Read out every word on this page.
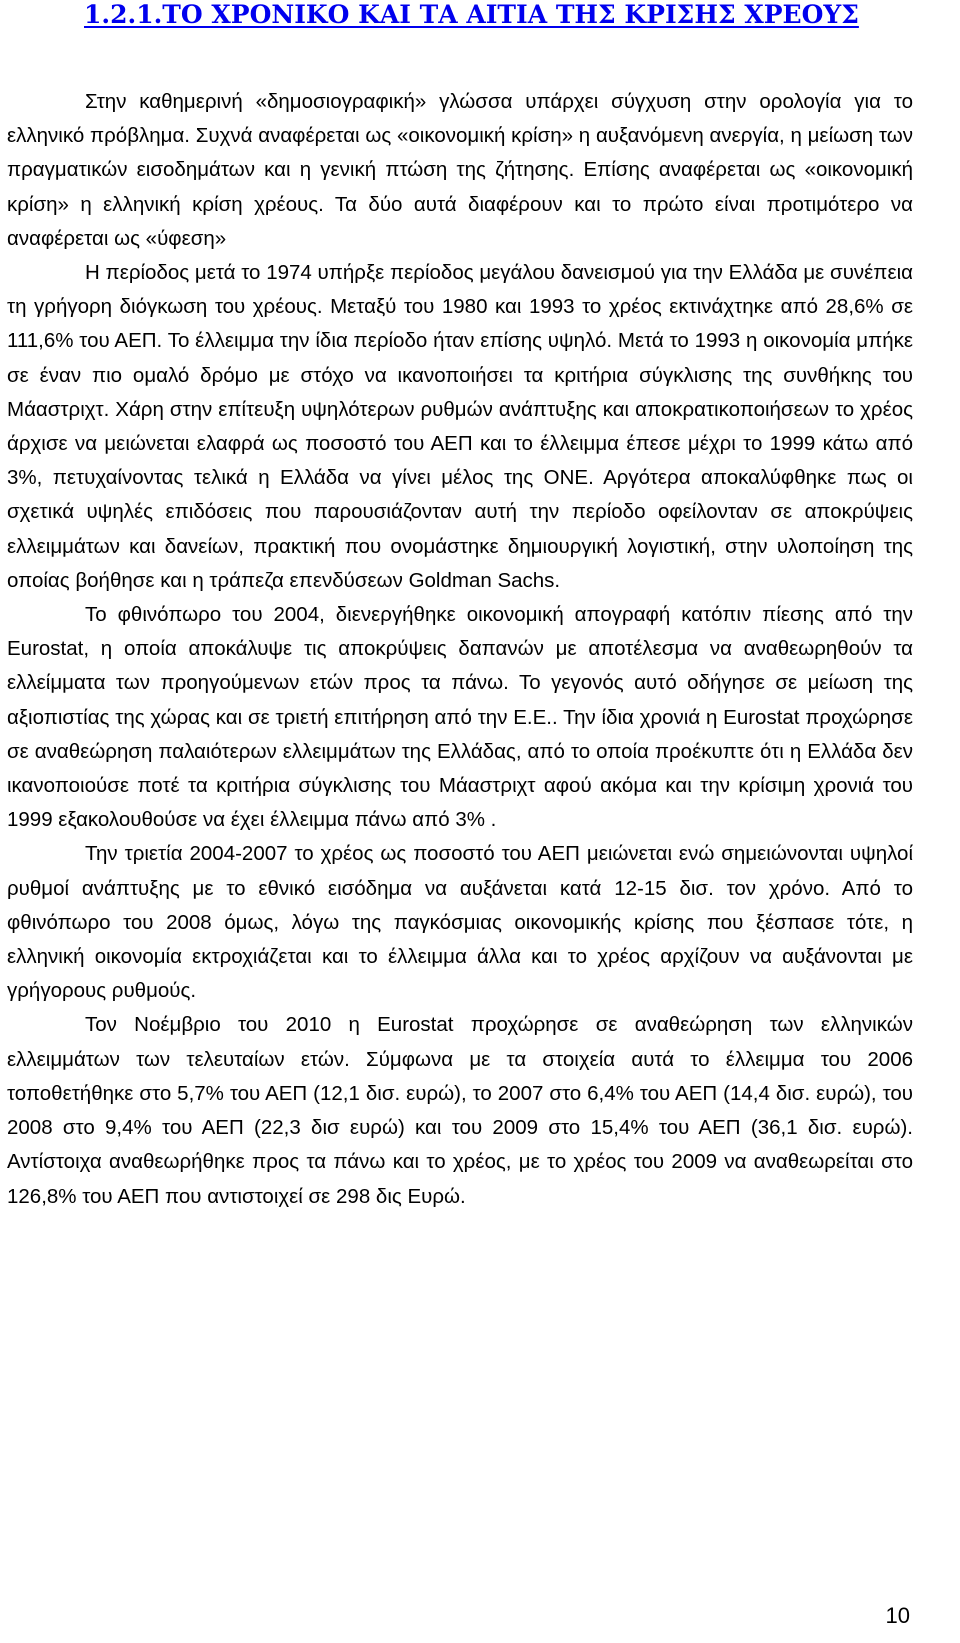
1.2.1.ΤΟ ΧΡΟΝΙΚΟ ΚΑΙ ΤΑ ΑΙΤΙΑ ΤΗΣ ΚΡΙΣΗΣ ΧΡΕΟΥΣ

Στην καθημερινή «δημοσιογραφική» γλώσσα υπάρχει σύγχυση στην ορολογία για το ελληνικό πρόβλημα. Συχνά αναφέρεται ως «οικονομική κρίση» η αυξανόμενη ανεργία, η μείωση των πραγματικών εισοδημάτων και η γενική πτώση της ζήτησης. Επίσης αναφέρεται ως «οικονομική κρίση» η ελληνική κρίση χρέους. Τα δύο αυτά διαφέρουν και το πρώτο είναι προτιμότερο να αναφέρεται ως «ύφεση»

Η περίοδος μετά το 1974 υπήρξε περίοδος μεγάλου δανεισμού για την Ελλάδα με συνέπεια τη γρήγορη διόγκωση του χρέους. Μεταξύ του 1980 και 1993 το χρέος εκτινάχτηκε από 28,6% σε 111,6% του ΑΕΠ. Το έλλειμμα την ίδια περίοδο ήταν επίσης υψηλό. Μετά το 1993 η οικονομία μπήκε σε έναν πιο ομαλό δρόμο με στόχο να ικανοποιήσει τα κριτήρια σύγκλισης της συνθήκης του Μάαστριχτ. Χάρη στην επίτευξη υψηλότερων ρυθμών ανάπτυξης και αποκρατικοποιήσεων το χρέος άρχισε να μειώνεται ελαφρά ως ποσοστό του ΑΕΠ και το έλλειμμα έπεσε μέχρι το 1999 κάτω από 3%, πετυχαίνοντας τελικά η Ελλάδα να γίνει μέλος της ΟΝΕ. Αργότερα αποκαλύφθηκε πως οι σχετικά υψηλές επιδόσεις που παρουσιάζονταν αυτή την περίοδο οφείλονταν σε αποκρύψεις ελλειμμάτων και δανείων, πρακτική που ονομάστηκε δημιουργική λογιστική, στην υλοποίηση της οποίας βοήθησε και η τράπεζα επενδύσεων Goldman Sachs.

Το φθινόπωρο του 2004, διενεργήθηκε οικονομική απογραφή κατόπιν πίεσης από την Eurostat, η οποία αποκάλυψε τις αποκρύψεις δαπανών με αποτέλεσμα να αναθεωρηθούν τα ελλείμματα των προηγούμενων ετών προς τα πάνω. Το γεγονός αυτό οδήγησε σε μείωση της αξιοπιστίας της χώρας και σε τριετή επιτήρηση από την Ε.Ε.. Την ίδια χρονιά η Eurostat προχώρησε σε αναθεώρηση παλαιότερων ελλειμμάτων της Ελλάδας, από το οποία προέκυπτε ότι η Ελλάδα δεν ικανοποιούσε ποτέ τα κριτήρια σύγκλισης του Μάαστριχτ αφού ακόμα και την κρίσιμη χρονιά του 1999 εξακολουθούσε να έχει έλλειμμα πάνω από 3% .

Την τριετία 2004-2007 το χρέος ως ποσοστό του ΑΕΠ μειώνεται ενώ σημειώνονται υψηλοί ρυθμοί ανάπτυξης με το εθνικό εισόδημα να αυξάνεται κατά 12-15 δισ. τον χρόνο. Από το φθινόπωρο του 2008 όμως, λόγω της παγκόσμιας οικονομικής κρίσης που ξέσπασε τότε, η ελληνική οικονομία εκτροχιάζεται και το έλλειμμα άλλα και το χρέος αρχίζουν να αυξάνονται με γρήγορους ρυθμούς.

Τον Νοέμβριο του 2010 η Eurostat προχώρησε σε αναθεώρηση των ελληνικών ελλειμμάτων των τελευταίων ετών. Σύμφωνα με τα στοιχεία αυτά το έλλειμμα του 2006 τοποθετήθηκε στο 5,7% του ΑΕΠ (12,1 δισ. ευρώ), το 2007 στο 6,4% του ΑΕΠ (14,4 δισ. ευρώ), του 2008 στο 9,4% του ΑΕΠ (22,3 δισ ευρώ) και του 2009 στο 15,4% του ΑΕΠ (36,1 δισ. ευρώ). Αντίστοιχα αναθεωρήθηκε προς τα πάνω και το χρέος, με το χρέος του 2009 να αναθεωρείται στο 126,8% του ΑΕΠ που αντιστοιχεί σε 298 δις Ευρώ.

10
